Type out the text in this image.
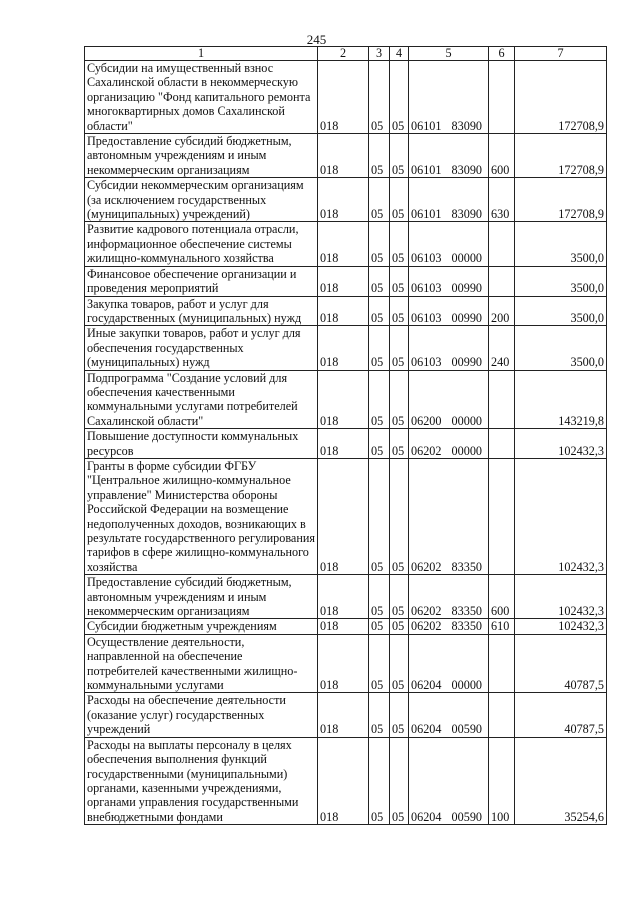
245
1	2	3	4	5	6	7
Субсидии на имущественный взнос Сахалинской области в некоммерческую организацию "Фонд капитального ремонта многоквартирных домов Сахалинской области"	018	05	05	06101 83090		172708,9
Предоставление субсидий бюджетным, автономным учреждениям и иным некоммерческим организациям	018	05	05	06101 83090	600	172708,9
Субсидии некоммерческим организациям (за исключением государственных (муниципальных) учреждений)	018	05	05	06101 83090	630	172708,9
Развитие кадрового потенциала отрасли, информационное обеспечение системы жилищно-коммунального хозяйства	018	05	05	06103 00000		3500,0
Финансовое обеспечение организации и проведения мероприятий	018	05	05	06103 00990		3500,0
Закупка товаров, работ и услуг для государственных (муниципальных) нужд	018	05	05	06103 00990	200	3500,0
Иные закупки товаров, работ и услуг для обеспечения государственных (муниципальных) нужд	018	05	05	06103 00990	240	3500,0
Подпрограмма "Создание условий для обеспечения качественными коммунальными услугами потребителей Сахалинской области"	018	05	05	06200 00000		143219,8
Повышение доступности коммунальных ресурсов	018	05	05	06202 00000		102432,3
Гранты в форме субсидии ФГБУ "Центральное жилищно-коммунальное управление" Министерства обороны Российской Федерации на возмещение недополученных доходов, возникающих в результате государственного регулирования тарифов в сфере жилищно-коммунального хозяйства	018	05	05	06202 83350		102432,3
Предоставление субсидий бюджетным, автономным учреждениям и иным некоммерческим организациям	018	05	05	06202 83350	600	102432,3
Субсидии бюджетным учреждениям	018	05	05	06202 83350	610	102432,3
Осуществление деятельности, направленной на обеспечение потребителей качественными жилищно-коммунальными услугами	018	05	05	06204 00000		40787,5
Расходы на обеспечение деятельности (оказание услуг) государственных учреждений	018	05	05	06204 00590		40787,5
Расходы на выплаты персоналу в целях обеспечения выполнения функций государственными (муниципальными) органами, казенными учреждениями, органами управления государственными внебюджетными фондами	018	05	05	06204 00590	100	35254,6
